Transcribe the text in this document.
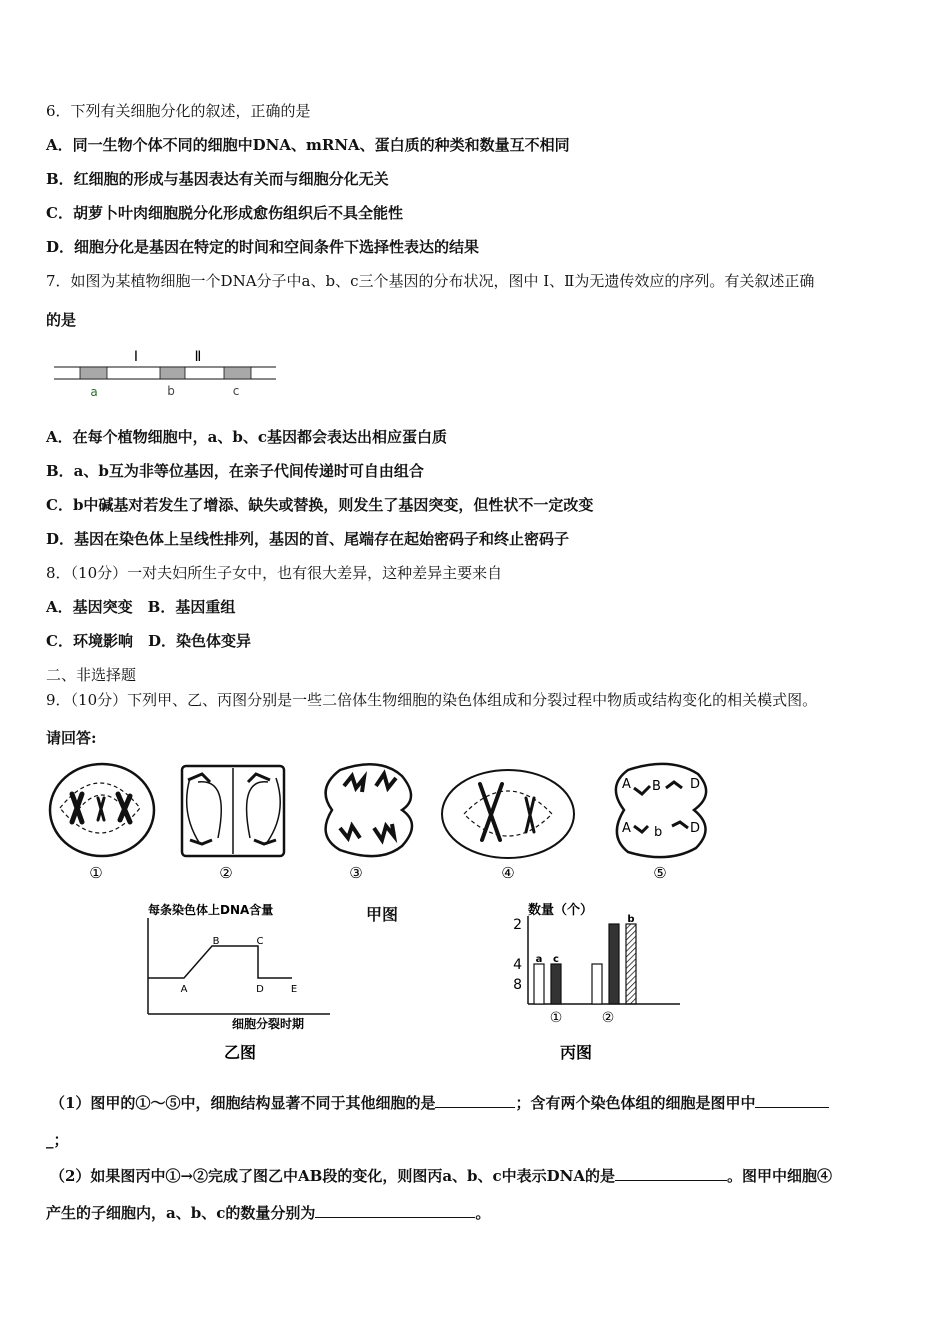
6．下列有关细胞分化的叙述，正确的是
A．同一生物个体不同的细胞中DNA、mRNA、蛋白质的种类和数量互不相同
B．红细胞的形成与基因表达有关而与细胞分化无关
C．胡萝卜叶肉细胞脱分化形成愈伤组织后不具全能性
D．细胞分化是基因在特定的时间和空间条件下选择性表达的结果
7．如图为某植物细胞一个DNA分子中a、b、c三个基因的分布状况，图中 Ⅰ、Ⅱ为无遗传效应的序列。有关叙述正确
的是
Ⅰ	Ⅱ
a	b	c
A．在每个植物细胞中，a、b、c基因都会表达出相应蛋白质
B．a、b互为非等位基因，在亲子代间传递时可自由组合
C．b中碱基对若发生了增添、缺失或替换，则发生了基因突变，但性状不一定改变
D．基因在染色体上呈线性排列，基因的首、尾端存在起始密码子和终止密码子
8．（10分）一对夫妇所生子女中，也有很大差异，这种差异主要来自
A．基因突变　B．基因重组
C．环境影响　D．染色体变异
二、非选择题
9．（10分）下列甲、乙、丙图分别是一些二倍体生物细胞的染色体组成和分裂过程中物质或结构变化的相关模式图。
请回答:
A B D
A b D
①	②	③	④	⑤
甲图
每条染色体上DNA含量
A
B	C
D	E
细胞分裂时期
乙图
数量（个）
8
4
2
a c
b
①	②
丙图
（1）图甲的①～⑤中，细胞结构显著不同于其他细胞的是	；含有两个染色体组的细胞是图甲中
_；
（2）如果图丙中①→②完成了图乙中AB段的变化，则图丙a、b、c中表示DNA的是	。图甲中细胞④
产生的子细胞内，a、b、c的数量分别为	。
